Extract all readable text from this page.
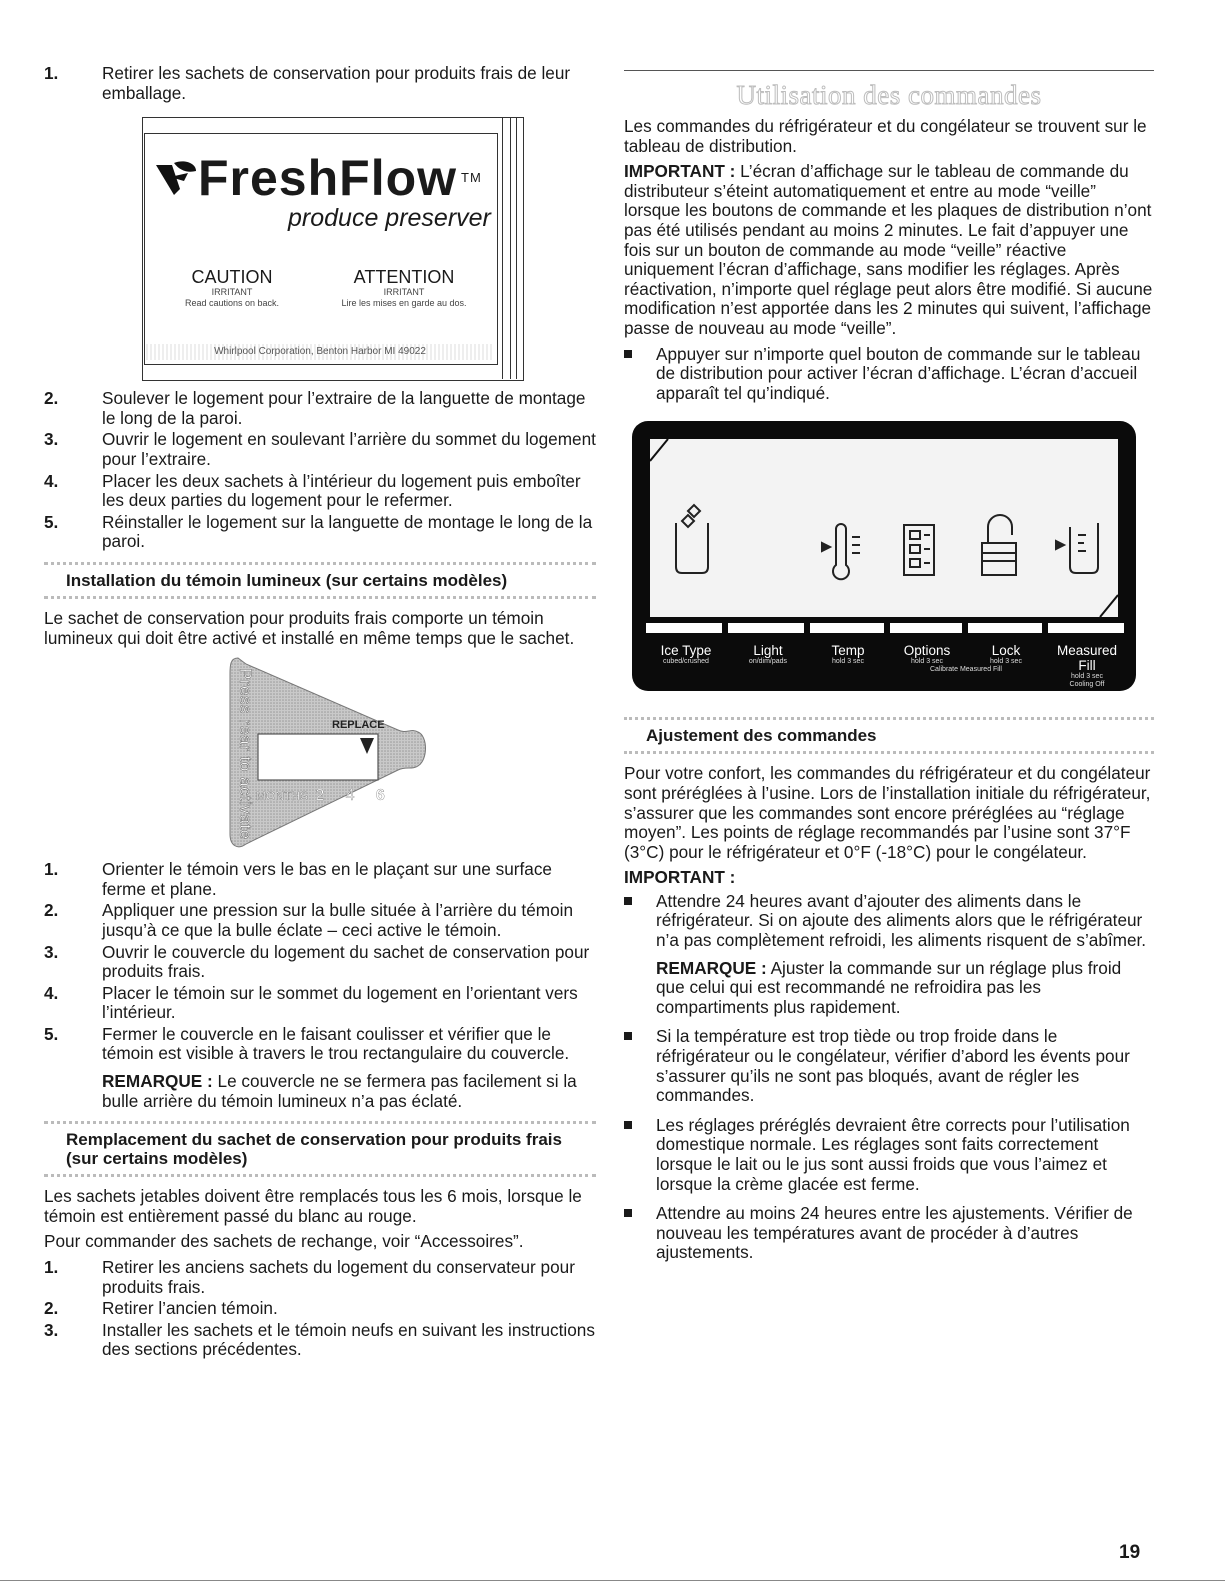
1.	Retirer les sachets de conservation pour produits frais de leur emballage.
FreshFlow ™
produce preserver
CAUTION
IRRITANT
Read cautions on back.
ATTENTION
IRRITANT
Lire les mises en garde au dos.
Whirlpool Corporation, Benton Harbor MI 49022
2.	Soulever le logement pour l’extraire de la languette de montage le long de la paroi.
3.	Ouvrir le logement en soulevant l’arrière du sommet du logement pour l’extraire.
4.	Placer les deux sachets à l’intérieur du logement puis emboîter les deux parties du logement pour le refermer.
5.	Réinstaller le logement sur la languette de montage le long de la paroi.
Installation du témoin lumineux (sur certains modèles)

Le sachet de conservation pour produits frais comporte un témoin lumineux qui doit être activé et installé en même temps que le sachet.

Press rear to activate	REPLACE
MONTHS 2 4 6
1.	Orienter le témoin vers le bas en le plaçant sur une surface ferme et plane.
2.	Appliquer une pression sur la bulle située à l’arrière du témoin jusqu’à ce que la bulle éclate – ceci active le témoin.
3.	Ouvrir le couvercle du logement du sachet de conservation pour produits frais.
4.	Placer le témoin sur le sommet du logement en l’orientant vers l’intérieur.
5.	Fermer le couvercle en le faisant coulisser et vérifier que le témoin est visible à travers le trou rectangulaire du couvercle.
REMARQUE : Le couvercle ne se fermera pas facilement si la bulle arrière du témoin lumineux n’a pas éclaté.
Remplacement du sachet de conservation pour produits frais (sur certains modèles)

Les sachets jetables doivent être remplacés tous les 6 mois, lorsque le témoin est entièrement passé du blanc au rouge.

Pour commander des sachets de rechange, voir “Accessoires”.

1.	Retirer les anciens sachets du logement du conservateur pour produits frais.
2.	Retirer l’ancien témoin.
3.	Installer les sachets et le témoin neufs en suivant les instructions des sections précédentes.
Utilisation des commandes

Les commandes du réfrigérateur et du congélateur se trouvent sur le tableau de distribution.

IMPORTANT : L’écran d’affichage sur le tableau de commande du distributeur s’éteint automatiquement et entre au mode “veille” lorsque les boutons de commande et les plaques de distribution n’ont pas été utilisés pendant au moins 2 minutes. Le fait d’appuyer une fois sur un bouton de commande au mode “veille” réactive uniquement l’écran d’affichage, sans modifier les réglages. Après réactivation, n’importe quel réglage peut alors être modifié. Si aucune modification n’est apportée dans les 2 minutes qui suivent, l’affichage passe de nouveau au mode “veille”.

Appuyer sur n’importe quel bouton de commande sur le tableau de distribution pour activer l’écran d’affichage. L’écran d’accueil apparaît tel qu’indiqué.
Ice Type
cubed/crushed
Light
on/dim/pads
Temp
hold 3 sec
Options
hold 3 sec
Calibrate Measured Fill
Lock
hold 3 sec
Measured Fill
hold 3 sec
Cooling Off
Ajustement des commandes

Pour votre confort, les commandes du réfrigérateur et du congélateur sont préréglées à l’usine. Lors de l’installation initiale du réfrigérateur, s’assurer que les commandes sont encore préréglées au “réglage moyen”. Les points de réglage recommandés par l’usine sont 37°F (3°C) pour le réfrigérateur et 0°F (-18°C) pour le congélateur.

IMPORTANT :

Attendre 24 heures avant d’ajouter des aliments dans le réfrigérateur. Si on ajoute des aliments alors que le réfrigérateur n’a pas complètement refroidi, les aliments risquent de s’abîmer.
REMARQUE : Ajuster la commande sur un réglage plus froid que celui qui est recommandé ne refroidira pas les compartiments plus rapidement.
Si la température est trop tiède ou trop froide dans le réfrigérateur ou le congélateur, vérifier d’abord les évents pour s’assurer qu’ils ne sont pas bloqués, avant de régler les commandes.
Les réglages préréglés devraient être corrects pour l’utilisation domestique normale. Les réglages sont faits correctement lorsque le lait ou le jus sont aussi froids que vous l’aimez et lorsque la crème glacée est ferme.
Attendre au moins 24 heures entre les ajustements. Vérifier de nouveau les températures avant de procéder à d’autres ajustements.
19
